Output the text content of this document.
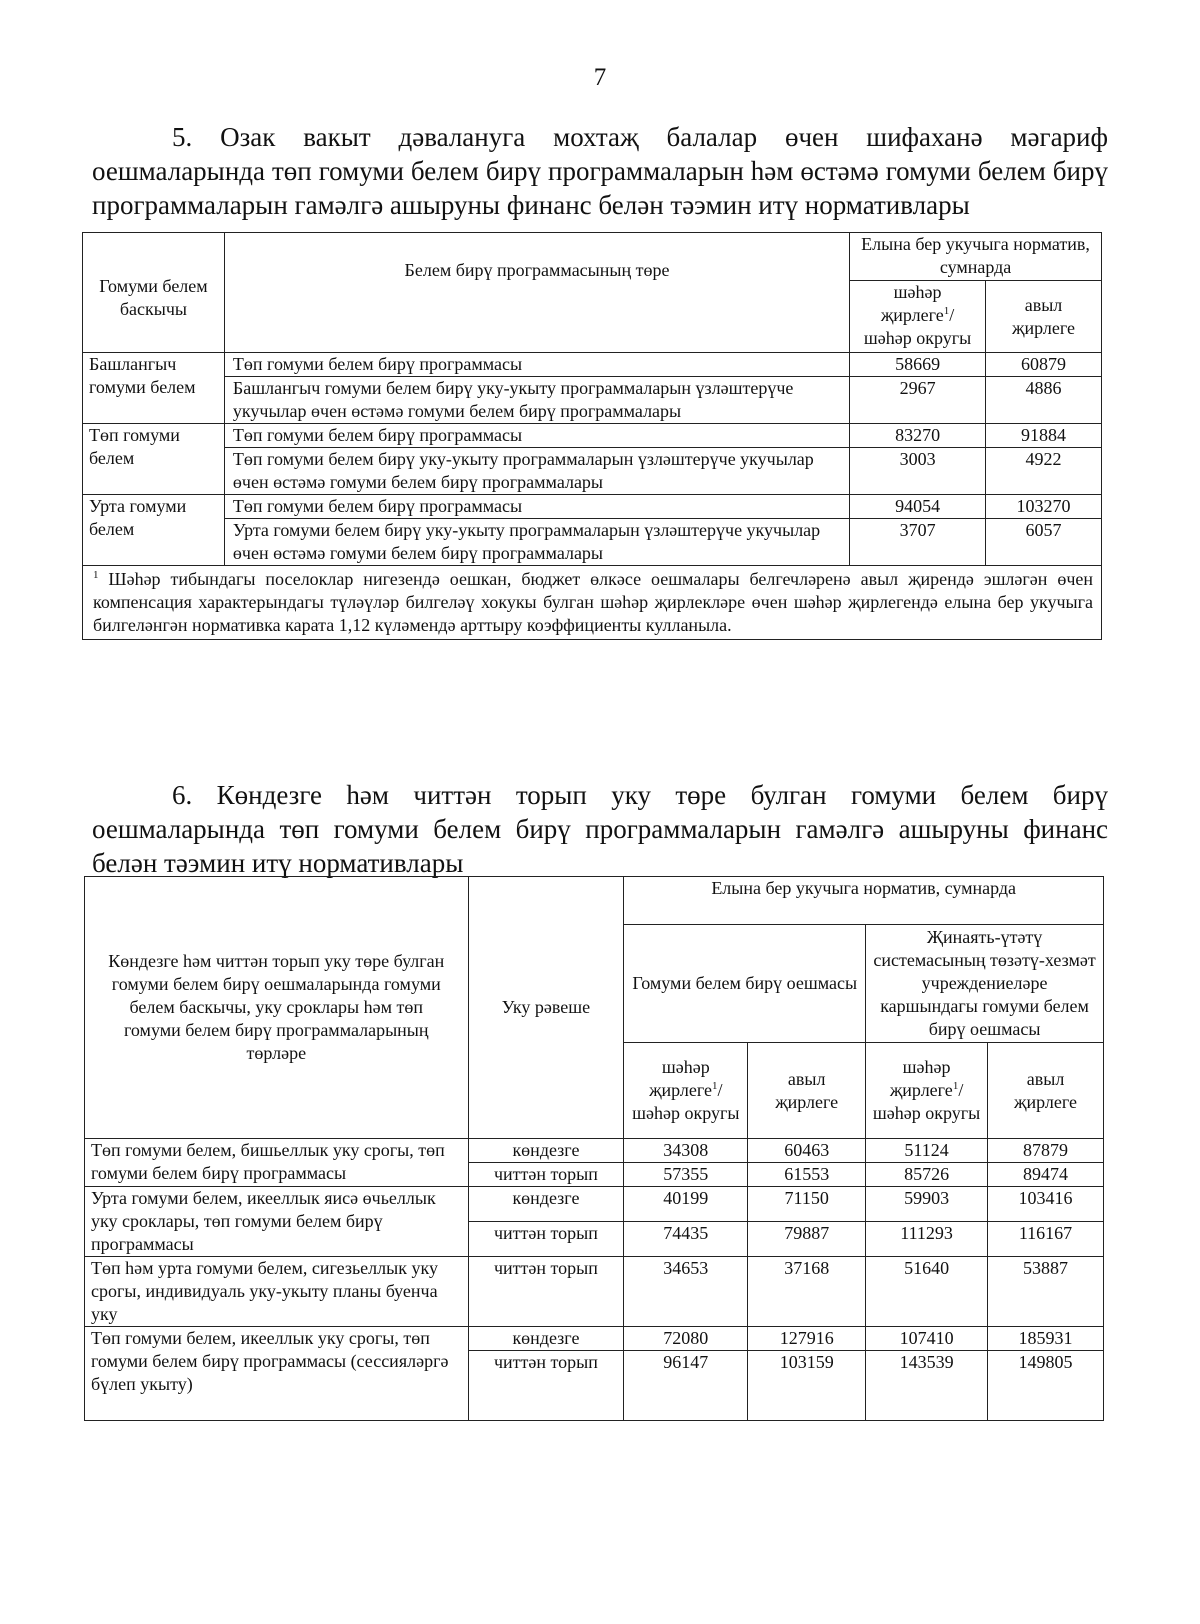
7
5. Озак вакыт дәвалануга мохтаҗ балалар өчен шифаханә мәгариф оешмаларында төп гомуми белем бирү программаларын һәм өстәмә гомуми белем бирү программаларын гамәлгә ашыруны финанс белән тәэмин итү нормативлары
Гомуми белем баскычы	Белем бирү программасының төре	Елына бер укучыга норматив, сумнарда	
		шәһәр җирлеге$^1$/ шәһәр округы	авыл җирлеге
Башлангыч гомуми белем	Төп гомуми белем бирү программасы	58669	60879
	Башлангыч гомуми белем бирү уку-укыту программаларын үзләштерүче укучылар өчен өстәмә гомуми белем бирү программалары	2967	4886
Төп гомуми белем	Төп гомуми белем бирү программасы	83270	91884
	Төп гомуми белем бирү уку-укыту программаларын үзләштерүче укучылар өчен өстәмә гомуми белем бирү программалары	3003	4922
Урта гомуми белем	Төп гомуми белем бирү программасы	94054	103270
	Урта гомуми белем бирү уку-укыту программаларын үзләштерүче укучылар өчен өстәмә гомуми белем бирү программалары	3707	6057
$^1$ Шәһәр тибындагы поселоклар нигезендә оешкан, бюджет өлкәсе оешмалары белгечләренә авыл җирендә эшләгән өчен компенсация характерындагы түләүләр билгеләү хокукы булган шәһәр җирлекләре өчен шәһәр җирлегендә елына бер укучыга билгеләнгән нормативка карата 1,12 күләмендә арттыру коэффициенты кулланыла.			
6. Көндезге һәм читтән торып уку төре булган гомуми белем бирү оешмаларында төп гомуми белем бирү программаларын гамәлгә ашыруны финанс белән тәэмин итү нормативлары
Көндезге һәм читтән торып уку төре булган гомуми белем бирү оешмаларында гомуми белем баскычы, уку сроклары һәм төп гомуми белем бирү программаларының төрләре	Уку рәвеше	Елына бер укучыга норматив, сумнарда			
		Гомуми белем бирү оешмасы		Җинаять-үтәтү системасының төзәтү-хезмәт учреждениеләре каршындагы гомуми белем бирү оешмасы	
		шәһәр җирлеге$^1$/ шәһәр округы	авыл җирлеге	шәһәр җирлеге$^1$/ шәһәр округы	авыл җирлеге
Төп гомуми белем, бишьеллык уку срогы, төп гомуми белем бирү программасы	көндезге	34308	60463	51124	87879
	читтән торып	57355	61553	85726	89474
Урта гомуми белем, икееллык яисә өчьеллык уку сроклары, төп гомуми белем бирү программасы	көндезге	40199	71150	59903	103416
	читтән торып	74435	79887	111293	116167
Төп һәм урта гомуми белем, сигезьеллык уку срогы, индивидуаль уку-укыту планы буенча уку	читтән торып	34653	37168	51640	53887
Төп гомуми белем, икееллык уку срогы, төп гомуми белем бирү программасы (сессияләргә бүлеп укыту)	көндезге	72080	127916	107410	185931
	читтән торып	96147	103159	143539	149805
